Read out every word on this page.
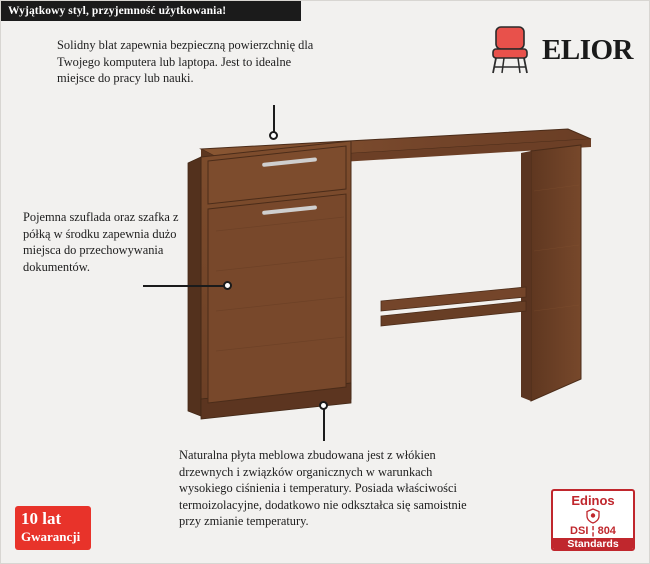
Wyjątkowy styl, przyjemność użytkowania!
ELIOR
Solidny blat zapewnia bezpieczną powierzchnię dla Twojego komputera lub laptopa. Jest to idealne miejsce do pracy lub nauki.
Pojemna szuflada oraz szafka z półką w środku zapewnia dużo miejsca do przechowywania dokumentów.
Naturalna płyta meblowa zbudowana jest z włókien drzewnych i związków organicznych w warunkach wysokiego ciśnienia i temperatury. Posiada właściwości termoizolacyjne, dodatkowo nie odkształca się samoistnie przy zmianie temperatury.
10 lat
Gwarancji
Edinos
DSI ¦ 804
Standards
